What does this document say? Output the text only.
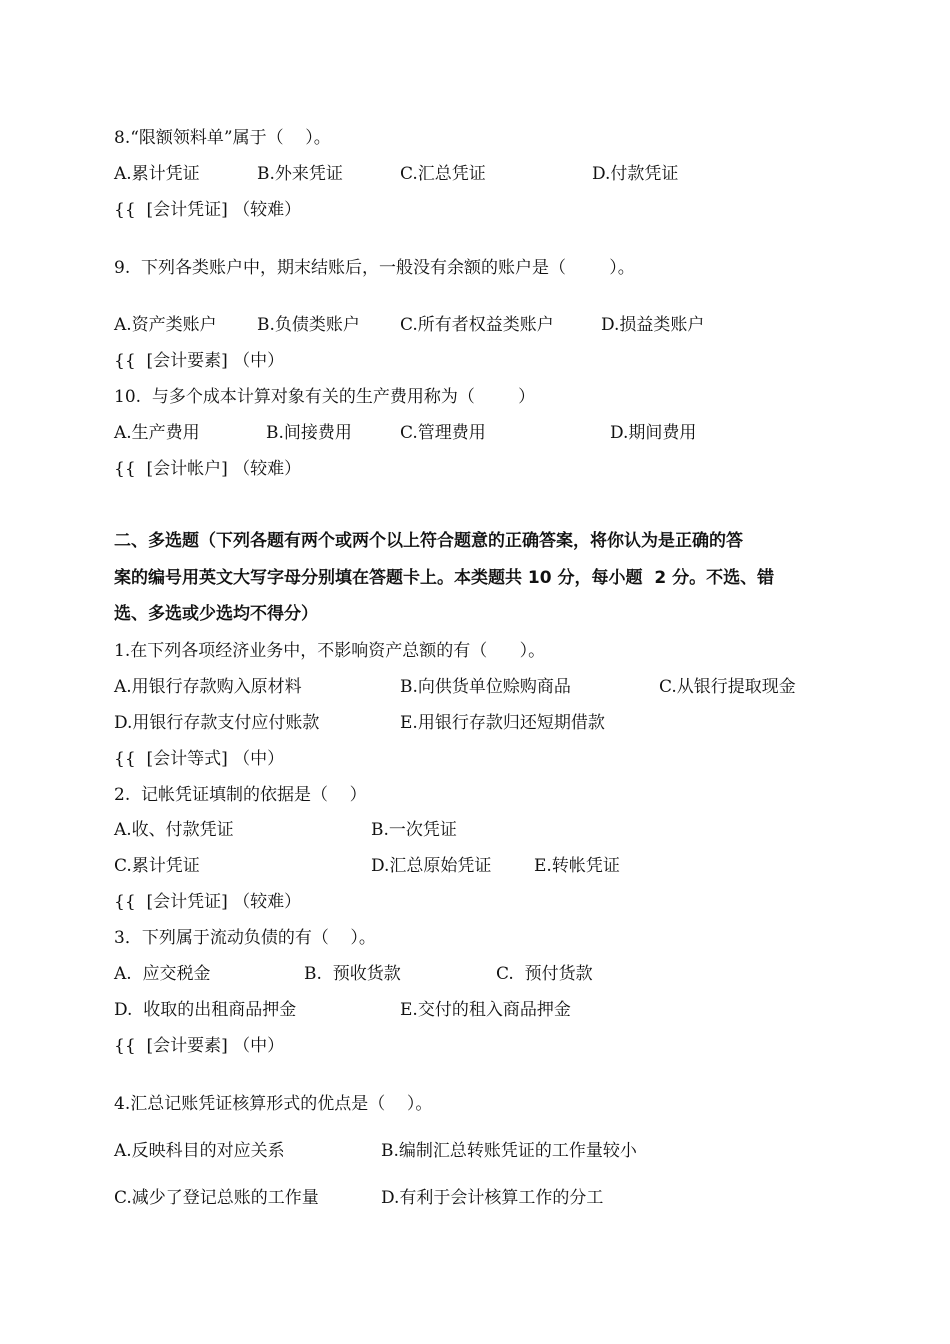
8.“限额领料单”属于（    ）。
A.累计凭证	B.外来凭证	C.汇总凭证	D.付款凭证
{{  [会计凭证] （较难）
9.  下列各类账户中，期末结账后，一般没有余额的账户是（        ）。
A.资产类账户 B.负债类账户 C.所有者权益类账户	D.损益类账户
{{  [会计要素] （中）
10.  与多个成本计算对象有关的生产费用称为（        ）
A.生产费用	B.间接费用	C.管理费用	D.期间费用
{{  [会计帐户] （较难）
二、多选题（下列各题有两个或两个以上符合题意的正确答案，将你认为是正确的答
案的编号用英文大写字母分别填在答题卡上。本类题共 10 分，每小题  2 分。不选、错
选、多选或少选均不得分）
1.在下列各项经济业务中，不影响资产总额的有（      ）。
A.用银行存款购入原材料	B.向供货单位赊购商品	C.从银行提取现金
D.用银行存款支付应付账款	E.用银行存款归还短期借款
{{  [会计等式] （中）
2.  记帐凭证填制的依据是（    ）
A.收、付款凭证	B.一次凭证
C.累计凭证	D.汇总原始凭证	E.转帐凭证
{{  [会计凭证] （较难）
3．下列属于流动负债的有（    ）。
A.  应交税金	B.  预收货款	C.  预付货款
D.  收取的出租商品押金	E.交付的租入商品押金
{{  [会计要素] （中）
4.汇总记账凭证核算形式的优点是（    ）。
A.反映科目的对应关系	B.编制汇总转账凭证的工作量较小
C.减少了登记总账的工作量	D.有利于会计核算工作的分工
